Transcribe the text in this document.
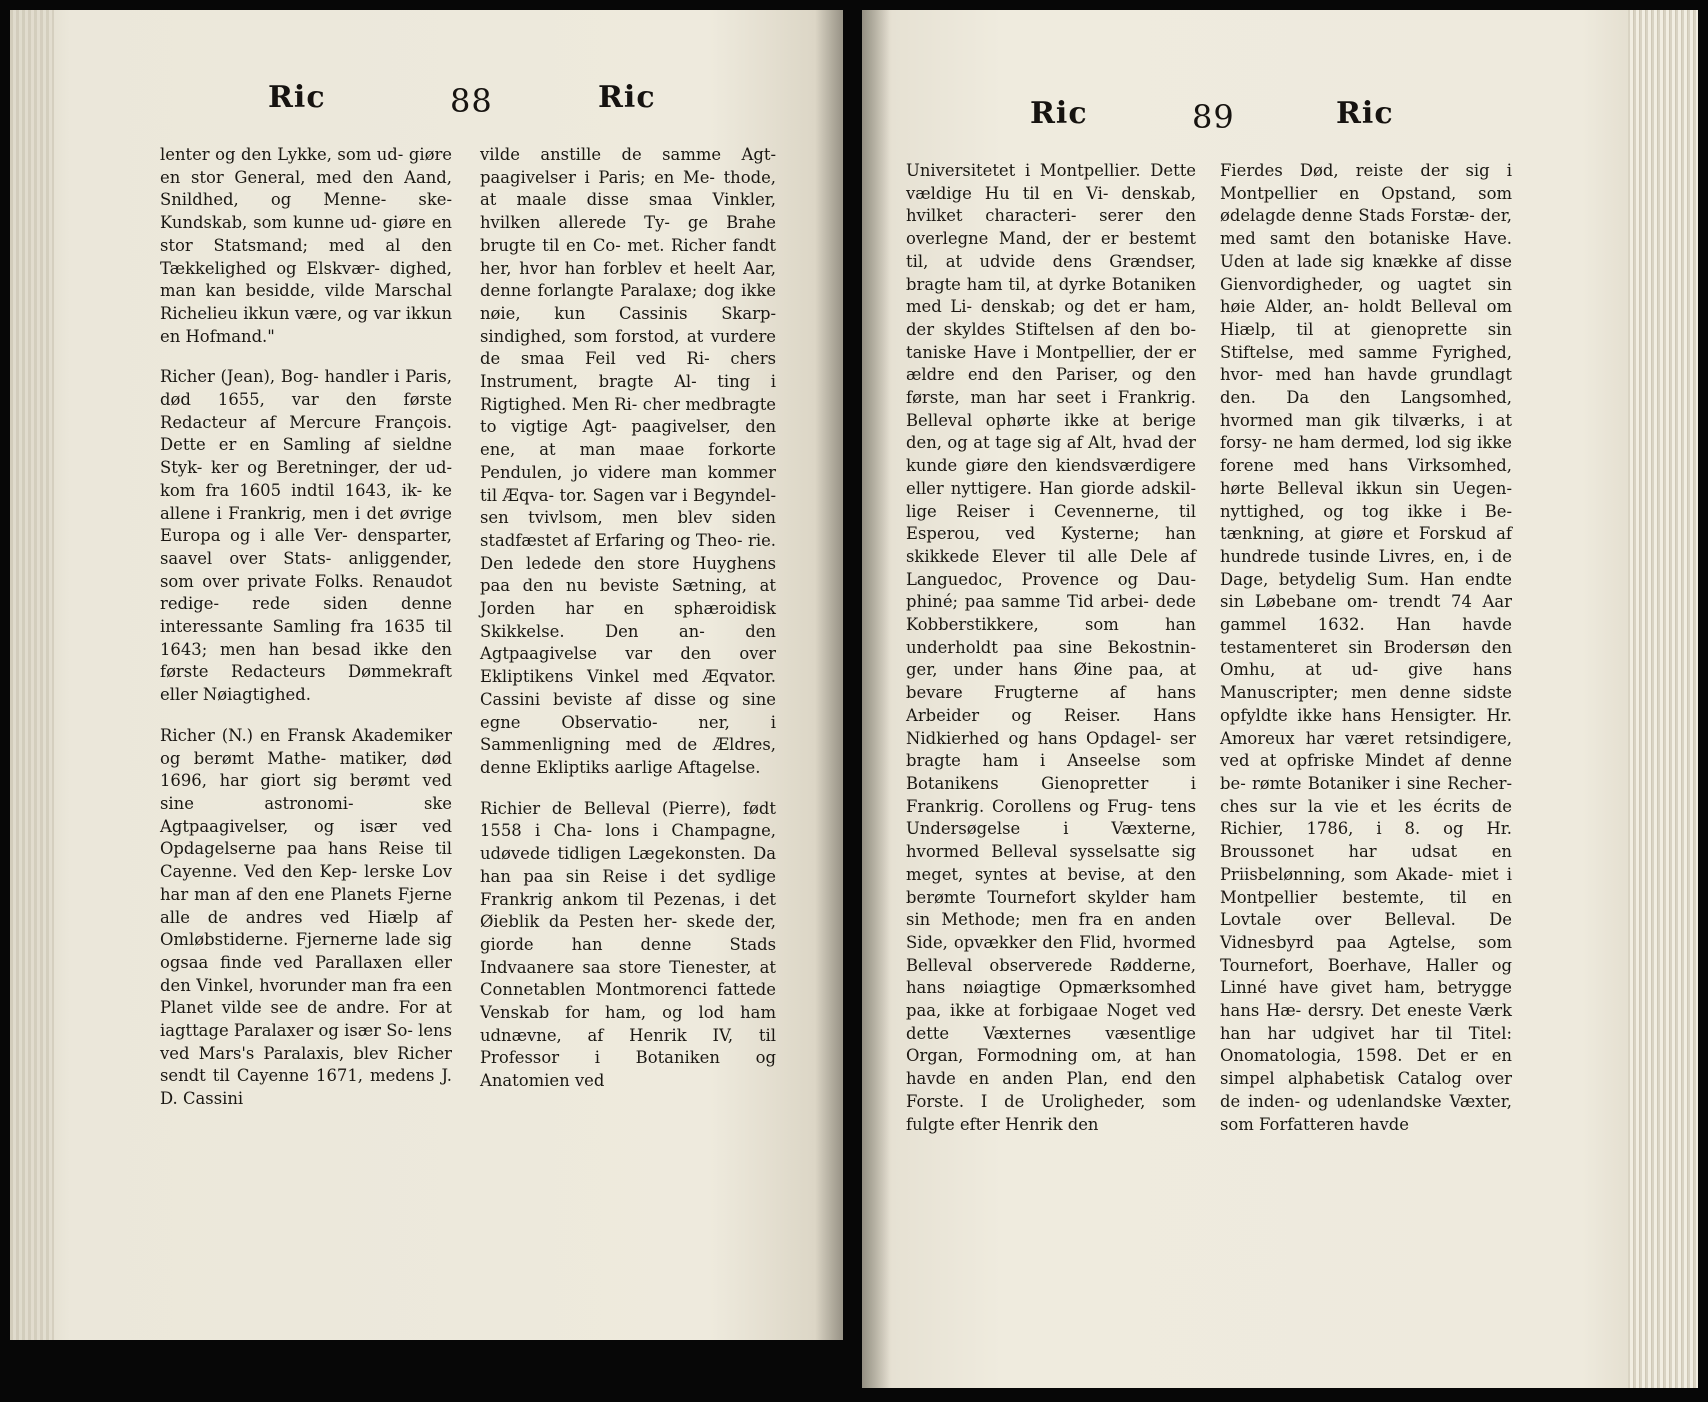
Ric	88	Ric

lenter og den Lykke, som ud- giøre en stor General, med den Aand, Snildhed, og Menne- ske-Kundskab, som kunne ud- giøre en stor Statsmand; med al den Tækkelighed og Elskvær- dighed, man kan besidde, vilde Marschal Richelieu ikkun være, og var ikkun en Hofmand."

Richer (Jean), Bog- handler i Paris, død 1655, var den første Redacteur af Mercure François. Dette er en Samling af sieldne Styk- ker og Beretninger, der ud- kom fra 1605 indtil 1643, ik- ke allene i Frankrig, men i det øvrige Europa og i alle Ver- densparter, saavel over Stats- anliggender, som over private Folks. Renaudot redige- rede siden denne interessante Samling fra 1635 til 1643; men han besad ikke den første Redacteurs Dømmekraft eller Nøiagtighed.

Richer (N.) en Fransk Akademiker og berømt Mathe- matiker, død 1696, har giort sig berømt ved sine astronomi- ske Agtpaagivelser, og især ved Opdagelserne paa hans Reise til Cayenne. Ved den Kep- lerske Lov har man af den ene Planets Fjerne alle de andres ved Hiælp af Omløbstiderne. Fjernerne lade sig ogsaa finde ved Parallaxen eller den Vinkel, hvorunder man fra een Planet vilde see de andre. For at iagttage Paralaxer og især So- lens ved Mars's Paralaxis, blev Richer sendt til Cayenne 1671, medens J. D. Cassini

vilde anstille de samme Agt- paagivelser i Paris; en Me- thode, at maale disse smaa Vinkler, hvilken allerede Ty- ge Brahe brugte til en Co- met. Richer fandt her, hvor han forblev et heelt Aar, denne forlangte Paralaxe; dog ikke nøie, kun Cassinis Skarp- sindighed, som forstod, at vurdere de smaa Feil ved Ri- chers Instrument, bragte Al- ting i Rigtighed. Men Ri- cher medbragte to vigtige Agt- paagivelser, den ene, at man maae forkorte Pendulen, jo videre man kommer til Æqva- tor. Sagen var i Begyndel- sen tvivlsom, men blev siden stadfæstet af Erfaring og Theo- rie. Den ledede den store Huyghens paa den nu beviste Sætning, at Jorden har en sphæroidisk Skikkelse. Den an- den Agtpaagivelse var den over Ekliptikens Vinkel med Æqvator. Cassini beviste af disse og sine egne Observatio- ner, i Sammenligning med de Ældres, denne Ekliptiks aarlige Aftagelse.

Richier de Belleval (Pierre), født 1558 i Cha- lons i Champagne, udøvede tidligen Lægekonsten. Da han paa sin Reise i det sydlige Frankrig ankom til Pezenas, i det Øieblik da Pesten her- skede der, giorde han denne Stads Indvaanere saa store Tienester, at Connetablen Montmorenci fattede Venskab for ham, og lod ham udnævne, af Henrik IV, til Professor i Botaniken og Anatomien ved

Ric	89	Ric

Universitetet i Montpellier. Dette vældige Hu til en Vi- denskab, hvilket characteri- serer den overlegne Mand, der er bestemt til, at udvide dens Grændser, bragte ham til, at dyrke Botaniken med Li- denskab; og det er ham, der skyldes Stiftelsen af den bo- taniske Have i Montpellier, der er ældre end den Pariser, og den første, man har seet i Frankrig. Belleval ophørte ikke at berige den, og at tage sig af Alt, hvad der kunde giøre den kiendsværdigere eller nyttigere. Han giorde adskil- lige Reiser i Cevennerne, til Esperou, ved Kysterne; han skikkede Elever til alle Dele af Languedoc, Provence og Dau- phiné; paa samme Tid arbei- dede Kobberstikkere, som han underholdt paa sine Bekostnin- ger, under hans Øine paa, at bevare Frugterne af hans Arbeider og Reiser. Hans Nidkierhed og hans Opdagel- ser bragte ham i Anseelse som Botanikens Gienopretter i Frankrig. Corollens og Frug- tens Undersøgelse i Væxterne, hvormed Belleval sysselsatte sig meget, syntes at bevise, at den berømte Tournefort skylder ham sin Methode; men fra en anden Side, opvækker den Flid, hvormed Belleval observerede Rødderne, hans nøiagtige Opmærksomhed paa, ikke at forbigaae Noget ved dette Væxternes væsentlige Organ, Formodning om, at han havde en anden Plan, end den Forste. I de Uroligheder, som fulgte efter Henrik den

Fierdes Død, reiste der sig i Montpellier en Opstand, som ødelagde denne Stads Forstæ- der, med samt den botaniske Have. Uden at lade sig knække af disse Gienvordigheder, og uagtet sin høie Alder, an- holdt Belleval om Hiælp, til at gienoprette sin Stiftelse, med samme Fyrighed, hvor- med han havde grundlagt den. Da den Langsomhed, hvormed man gik tilværks, i at forsy- ne ham dermed, lod sig ikke forene med hans Virksomhed, hørte Belleval ikkun sin Uegen- nyttighed, og tog ikke i Be- tænkning, at giøre et Forskud af hundrede tusinde Livres, en, i de Dage, betydelig Sum. Han endte sin Løbebane om- trendt 74 Aar gammel 1632. Han havde testamenteret sin Brodersøn den Omhu, at ud- give hans Manuscripter; men denne sidste opfyldte ikke hans Hensigter. Hr. Amoreux har været retsindigere, ved at opfriske Mindet af denne be- rømte Botaniker i sine Recher- ches sur la vie et les écrits de Richier, 1786, i 8. og Hr. Broussonet har udsat en Priisbelønning, som Akade- miet i Montpellier bestemte, til en Lovtale over Belleval. De Vidnesbyrd paa Agtelse, som Tournefort, Boerhave, Haller og Linné have givet ham, betrygge hans Hæ- dersry. Det eneste Værk han har udgivet har til Titel: Onomatologia, 1598. Det er en simpel alphabetisk Catalog over de inden- og udenlandske Væxter, som Forfatteren havde
